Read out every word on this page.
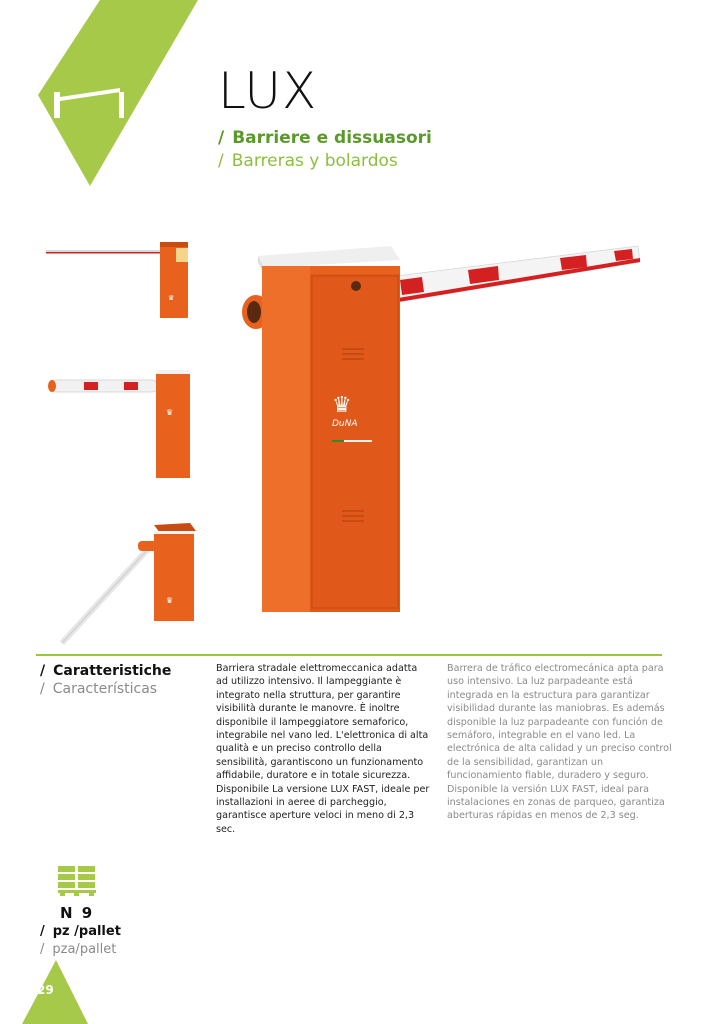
LUX
/ Barriere e dissuasori
/ Barreras y bolardos
♛
♛
♛
♛
DuNA
/ Caratteristiche
/ Características

Barriera stradale elettromeccanica adatta ad utilizzo intensivo. Il lampeggiante è integrato nella struttura, per garantire visibilità durante le manovre. È inoltre disponibile il lampeggiatore semaforico, integrabile nel vano led. L'elettronica di alta qualità e un preciso controllo della sensibilità, garantiscono un funzionamento affidabile, duratore e in totale sicurezza.

Disponibile La versione LUX FAST, ideale per installazioni in aeree di parcheggio, garantisce aperture veloci in meno di 2,3 sec.

Barrera de tráfico electromecánica apta para uso intensivo. La luz parpadeante está integrada en la estructura para garantizar visibilidad durante las maniobras. Es además disponible la luz parpadeante con función de semáforo, integrable en el vano led. La electrónica de alta calidad y un preciso control de la sensibilidad, garantizan un funcionamiento fiable, duradero y seguro. Disponible la versión LUX FAST, ideal para instalaciones en zonas de parqueo, garantiza aberturas rápidas en menos de 2,3 seg.
N 9
/ pz /pallet
/ pza/pallet
29
